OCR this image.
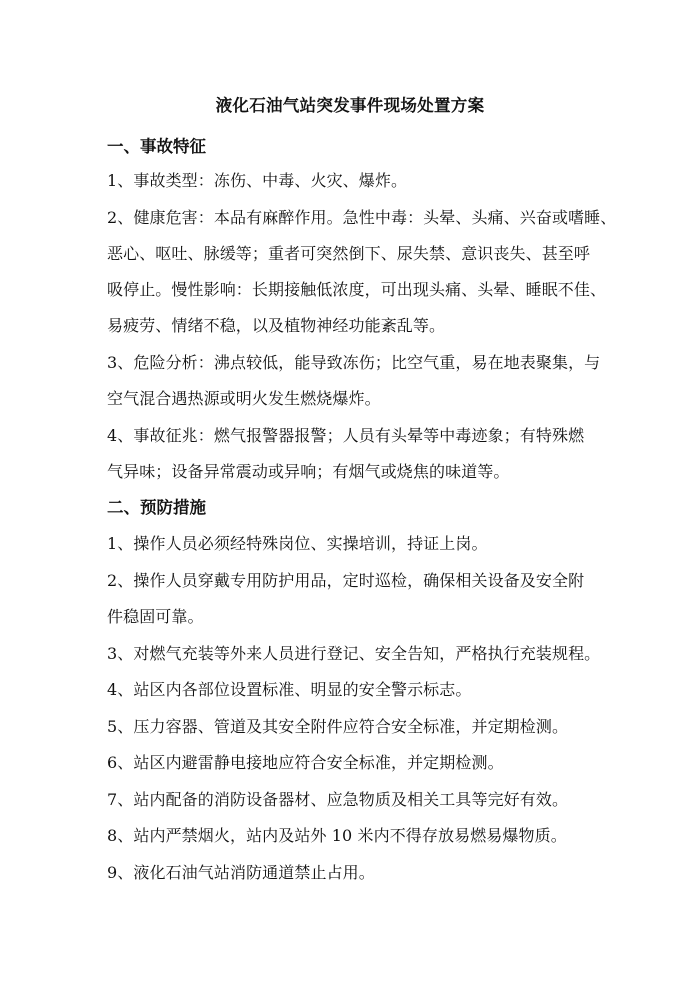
液化石油气站突发事件现场处置方案
一、事故特征
1、事故类型：冻伤、中毒、火灾、爆炸。
2、健康危害：本品有麻醉作用。急性中毒：头晕、头痛、兴奋或嗜睡、
恶心、呕吐、脉缓等；重者可突然倒下、尿失禁、意识丧失、甚至呼
吸停止。慢性影响：长期接触低浓度，可出现头痛、头晕、睡眠不佳、
易疲劳、情绪不稳，以及植物神经功能紊乱等。
3、危险分析：沸点较低，能导致冻伤；比空气重，易在地表聚集，与
空气混合遇热源或明火发生燃烧爆炸。
4、事故征兆：燃气报警器报警；人员有头晕等中毒迹象；有特殊燃
气异味；设备异常震动或异响；有烟气或烧焦的味道等。
二、预防措施
1、操作人员必须经特殊岗位、实操培训，持证上岗。
2、操作人员穿戴专用防护用品，定时巡检，确保相关设备及安全附
件稳固可靠。
3、对燃气充装等外来人员进行登记、安全告知，严格执行充装规程。
4、站区内各部位设置标准、明显的安全警示标志。
5、压力容器、管道及其安全附件应符合安全标准，并定期检测。
6、站区内避雷静电接地应符合安全标准，并定期检测。
7、站内配备的消防设备器材、应急物质及相关工具等完好有效。
8、站内严禁烟火，站内及站外 10 米内不得存放易燃易爆物质。
9、液化石油气站消防通道禁止占用。
